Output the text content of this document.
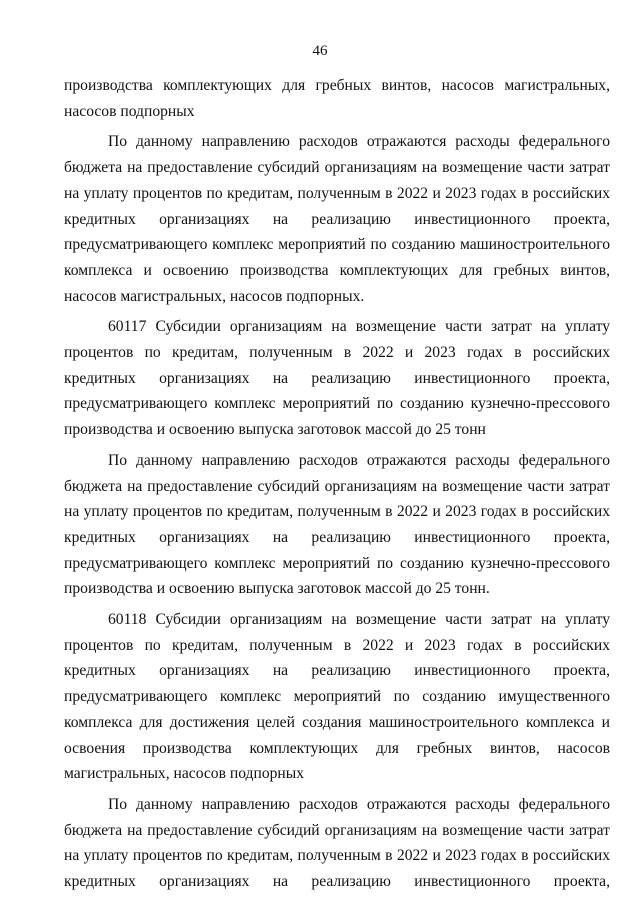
46

производства комплектующих для гребных винтов, насосов магистральных, насосов подпорных

По данному направлению расходов отражаются расходы федерального бюджета на предоставление субсидий организациям на возмещение части затрат на уплату процентов по кредитам, полученным в 2022 и 2023 годах в российских кредитных организациях на реализацию инвестиционного проекта, предусматривающего комплекс мероприятий по созданию машиностроительного комплекса и освоению производства комплектующих для гребных винтов, насосов магистральных, насосов подпорных.

60117 Субсидии организациям на возмещение части затрат на уплату процентов по кредитам, полученным в 2022 и 2023 годах в российских кредитных организациях на реализацию инвестиционного проекта, предусматривающего комплекс мероприятий по созданию кузнечно-прессового производства и освоению выпуска заготовок массой до 25 тонн

По данному направлению расходов отражаются расходы федерального бюджета на предоставление субсидий организациям на возмещение части затрат на уплату процентов по кредитам, полученным в 2022 и 2023 годах в российских кредитных организациях на реализацию инвестиционного проекта, предусматривающего комплекс мероприятий по созданию кузнечно-прессового производства и освоению выпуска заготовок массой до 25 тонн.

60118 Субсидии организациям на возмещение части затрат на уплату процентов по кредитам, полученным в 2022 и 2023 годах в российских кредитных организациях на реализацию инвестиционного проекта, предусматривающего комплекс мероприятий по созданию имущественного комплекса для достижения целей создания машиностроительного комплекса и освоения производства комплектующих для гребных винтов, насосов магистральных, насосов подпорных

По данному направлению расходов отражаются расходы федерального бюджета на предоставление субсидий организациям на возмещение части затрат на уплату процентов по кредитам, полученным в 2022 и 2023 годах в российских кредитных организациях на реализацию инвестиционного проекта,
